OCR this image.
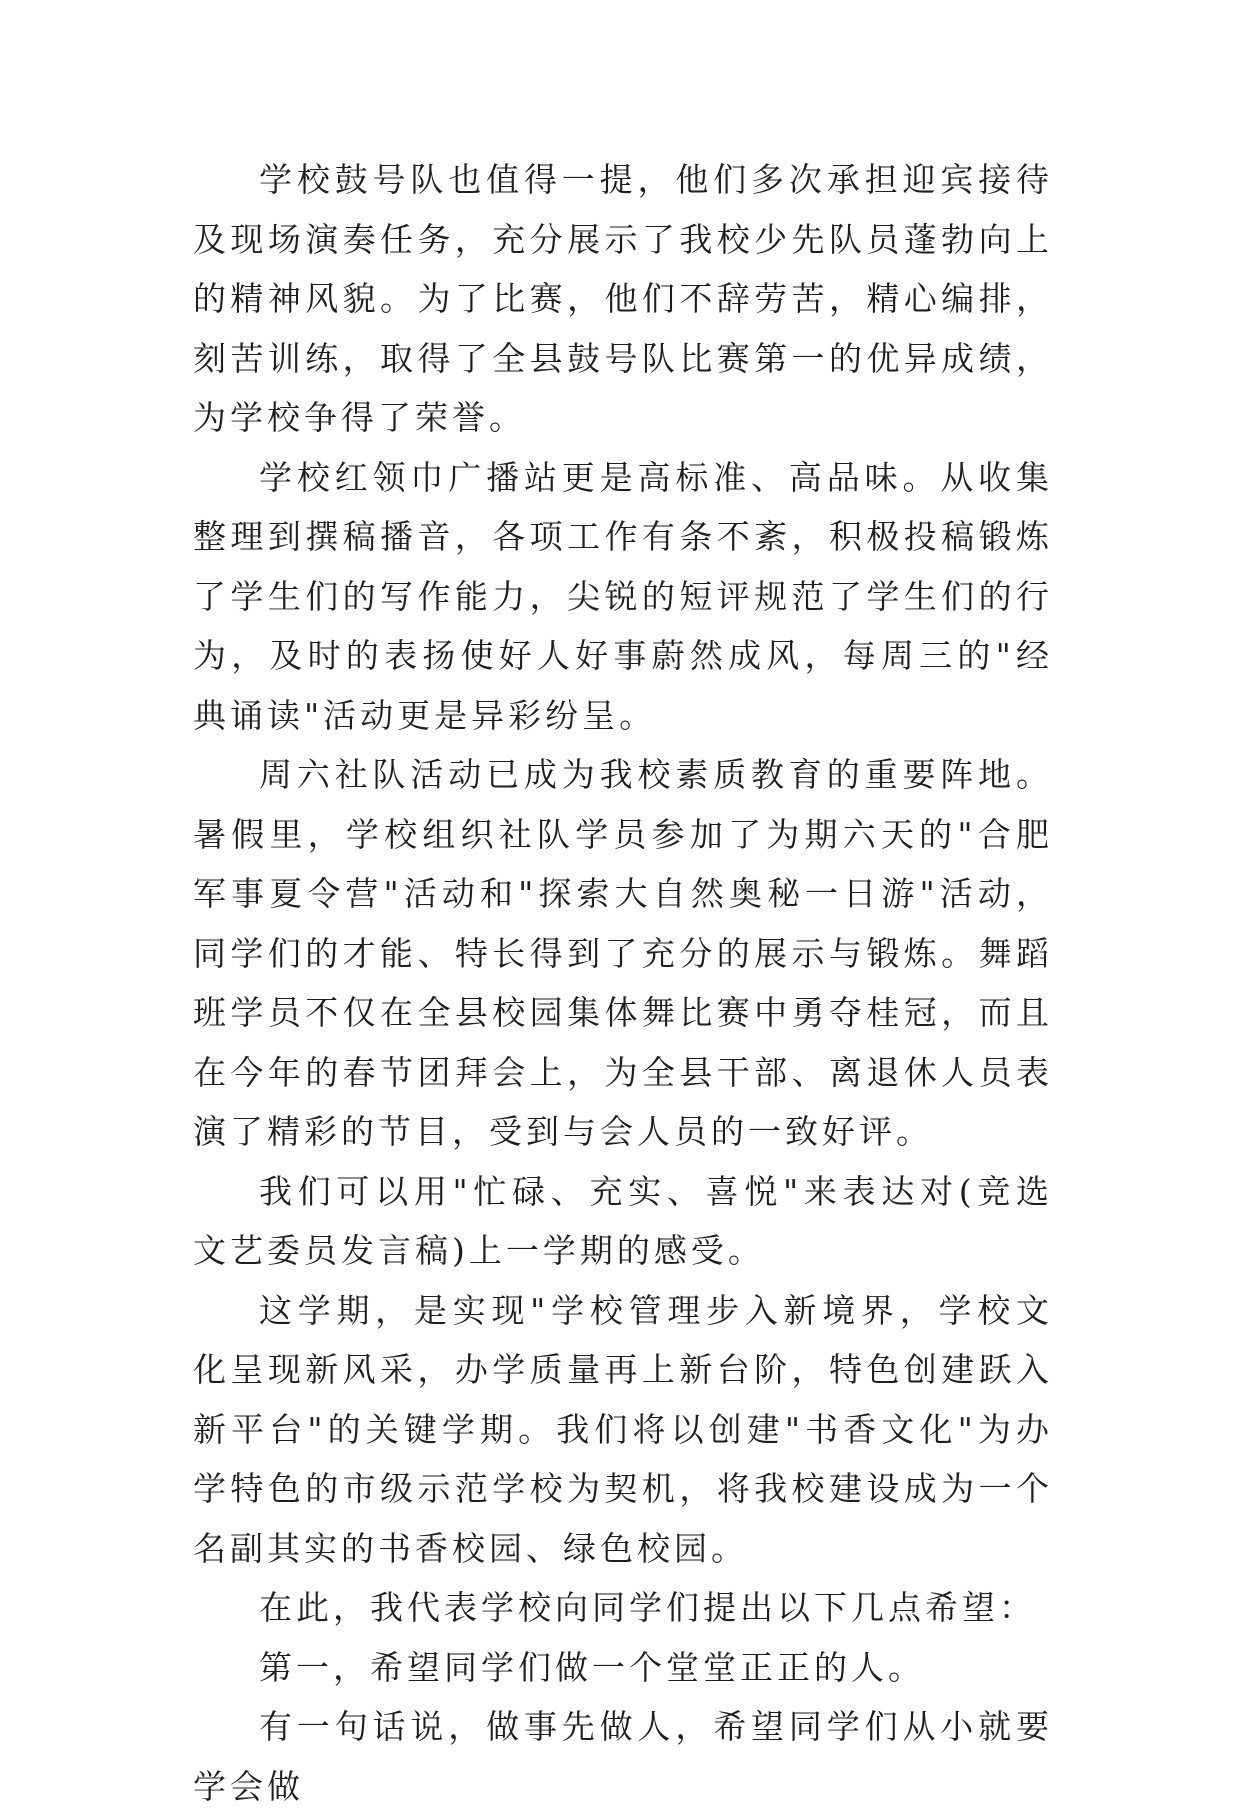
学校鼓号队也值得一提，他们多次承担迎宾接待及现场演奏任务，充分展示了我校少先队员蓬勃向上的精神风貌。为了比赛，他们不辞劳苦，精心编排，刻苦训练，取得了全县鼓号队比赛第一的优异成绩，为学校争得了荣誉。

学校红领巾广播站更是高标准、高品味。从收集整理到撰稿播音，各项工作有条不紊，积极投稿锻炼了学生们的写作能力，尖锐的短评规范了学生们的行为，及时的表扬使好人好事蔚然成风，每周三的"经典诵读"活动更是异彩纷呈。

周六社队活动已成为我校素质教育的重要阵地。暑假里，学校组织社队学员参加了为期六天的"合肥军事夏令营"活动和"探索大自然奥秘一日游"活动，同学们的才能、特长得到了充分的展示与锻炼。舞蹈班学员不仅在全县校园集体舞比赛中勇夺桂冠，而且在今年的春节团拜会上，为全县干部、离退休人员表演了精彩的节目，受到与会人员的一致好评。

我们可以用"忙碌、充实、喜悦"来表达对(竞选文艺委员发言稿)上一学期的感受。

这学期，是实现"学校管理步入新境界，学校文化呈现新风采，办学质量再上新台阶，特色创建跃入新平台"的关键学期。我们将以创建"书香文化"为办学特色的市级示范学校为契机，将我校建设成为一个名副其实的书香校园、绿色校园。

在此，我代表学校向同学们提出以下几点希望：

第一，希望同学们做一个堂堂正正的人。

有一句话说，做事先做人，希望同学们从小就要学会做
